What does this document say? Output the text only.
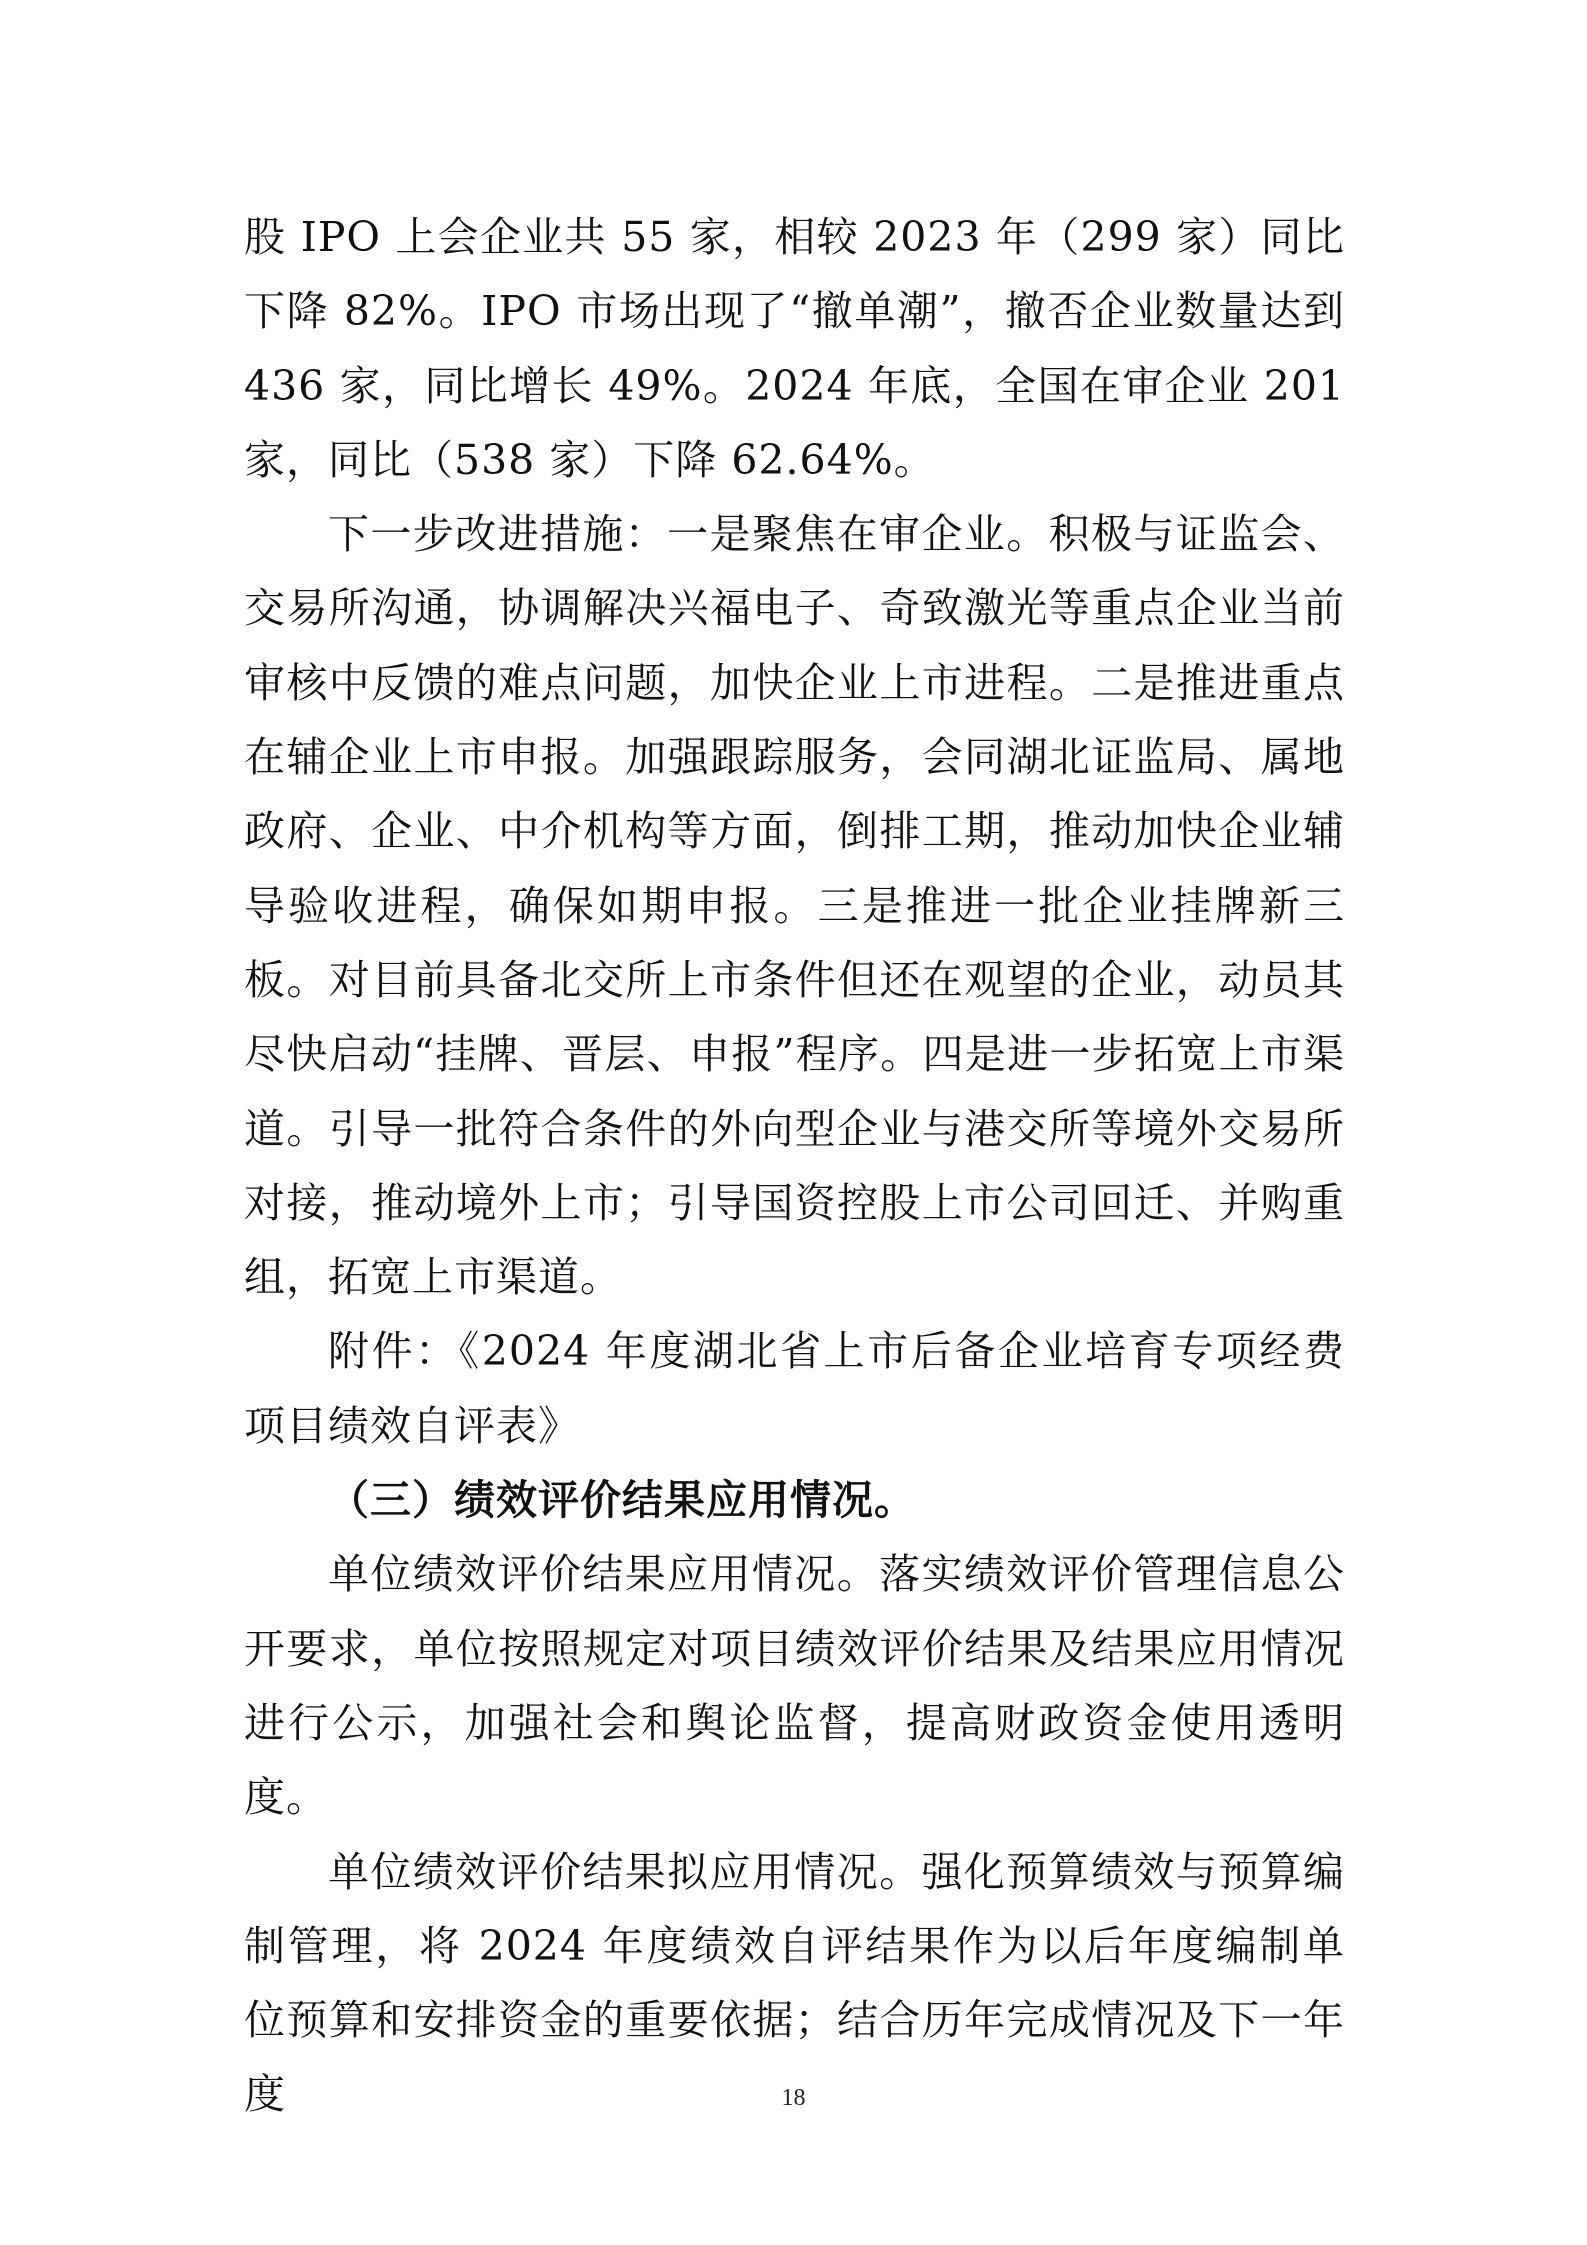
股 IPO 上会企业共 55 家，相较 2023 年（299 家）同比下降 82%。IPO 市场出现了“撤单潮”，撤否企业数量达到 436 家，同比增长 49%。2024 年底，全国在审企业 201 家，同比（538 家）下降 62.64%。

下一步改进措施：一是聚焦在审企业。积极与证监会、交易所沟通，协调解决兴福电子、奇致激光等重点企业当前审核中反馈的难点问题，加快企业上市进程。二是推进重点在辅企业上市申报。加强跟踪服务，会同湖北证监局、属地政府、企业、中介机构等方面，倒排工期，推动加快企业辅导验收进程，确保如期申报。三是推进一批企业挂牌新三板。对目前具备北交所上市条件但还在观望的企业，动员其尽快启动“挂牌、晋层、申报”程序。四是进一步拓宽上市渠道。引导一批符合条件的外向型企业与港交所等境外交易所对接，推动境外上市；引导国资控股上市公司回迁、并购重组，拓宽上市渠道。

附件：《2024 年度湖北省上市后备企业培育专项经费项目绩效自评表》

（三）绩效评价结果应用情况。

单位绩效评价结果应用情况。落实绩效评价管理信息公开要求，单位按照规定对项目绩效评价结果及结果应用情况进行公示，加强社会和舆论监督，提高财政资金使用透明度。

单位绩效评价结果拟应用情况。强化预算绩效与预算编制管理，将 2024 年度绩效自评结果作为以后年度编制单位预算和安排资金的重要依据；结合历年完成情况及下一年度	18
